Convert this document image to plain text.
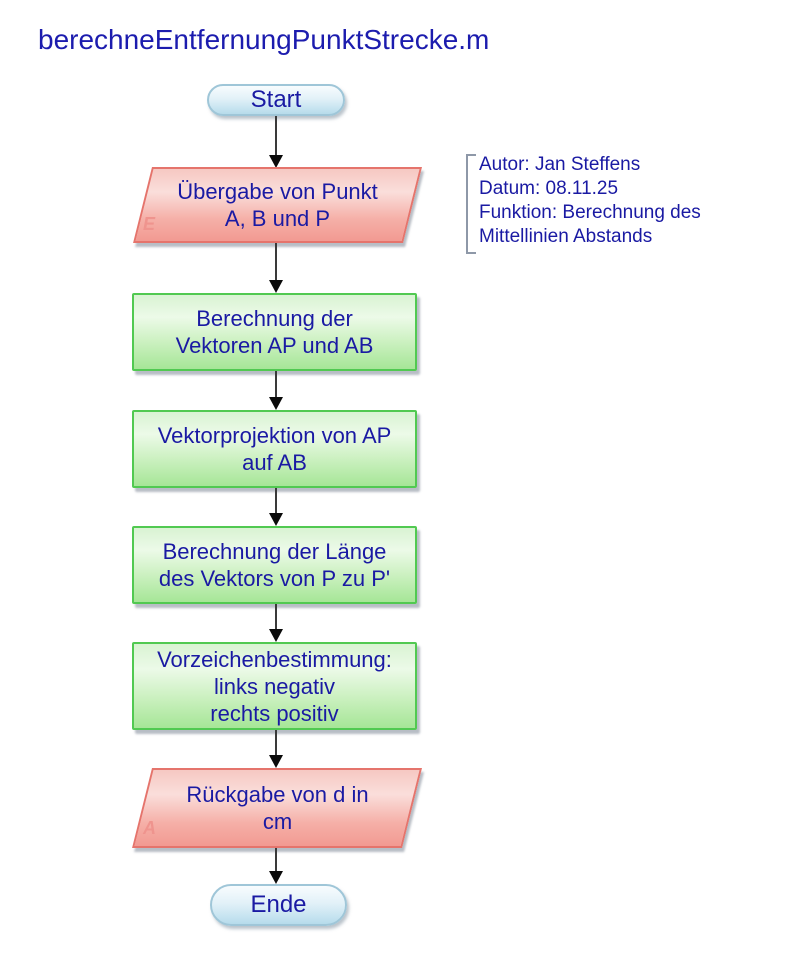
berechneEntfernungPunktStrecke.m
Start
Übergabe von Punkt
A, B und P
E
Autor: Jan Steffens
Datum: 08.11.25
Funktion: Berechnung des
Mittellinien Abstands
Berechnung der
Vektoren AP und AB
Vektorprojektion von AP
auf AB
Berechnung der Länge
des Vektors von P zu P'
Vorzeichenbestimmung:
links negativ
rechts positiv
Rückgabe von d in
cm
A
Ende
